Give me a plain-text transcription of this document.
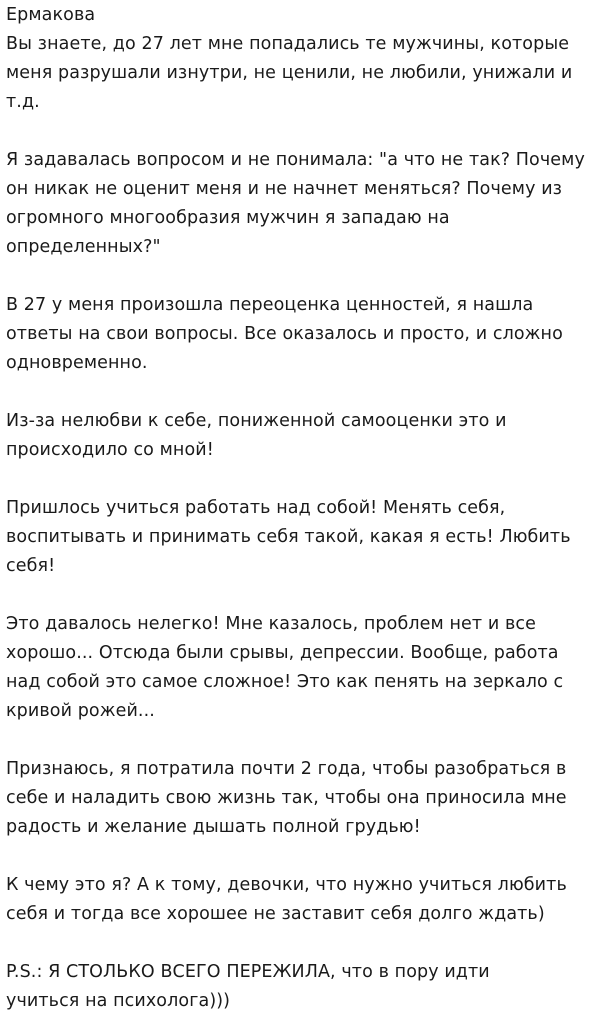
Ермакова

Вы знаете, до 27 лет мне попадались те мужчины, которые
меня разрушали изнутри, не ценили, не любили, унижали и
т.д.

Я задавалась вопросом и не понимала: "а что не так? Почему
он никак не оценит меня и не начнет меняться? Почему из
огромного многообразия мужчин я западаю на
определенных?"

В 27 у меня произошла переоценка ценностей, я нашла
ответы на свои вопросы. Все оказалось и просто, и сложно
одновременно.

Из-за нелюбви к себе, пониженной самооценки это и
происходило со мной!

Пришлось учиться работать над собой! Менять себя,
воспитывать и принимать себя такой, какая я есть! Любить
себя!

Это давалось нелегко! Мне казалось, проблем нет и все
хорошо... Отсюда были срывы, депрессии. Вообще, работа
над собой это самое сложное! Это как пенять на зеркало с
кривой рожей...

Признаюсь, я потратила почти 2 года, чтобы разобраться в
себе и наладить свою жизнь так, чтобы она приносила мне
радость и желание дышать полной грудью!

К чему это я? А к тому, девочки, что нужно учиться любить
себя и тогда все хорошее не заставит себя долго ждать)

P.S.: Я СТОЛЬКО ВСЕГО ПЕРЕЖИЛА, что в пору идти
учиться на психолога)))
